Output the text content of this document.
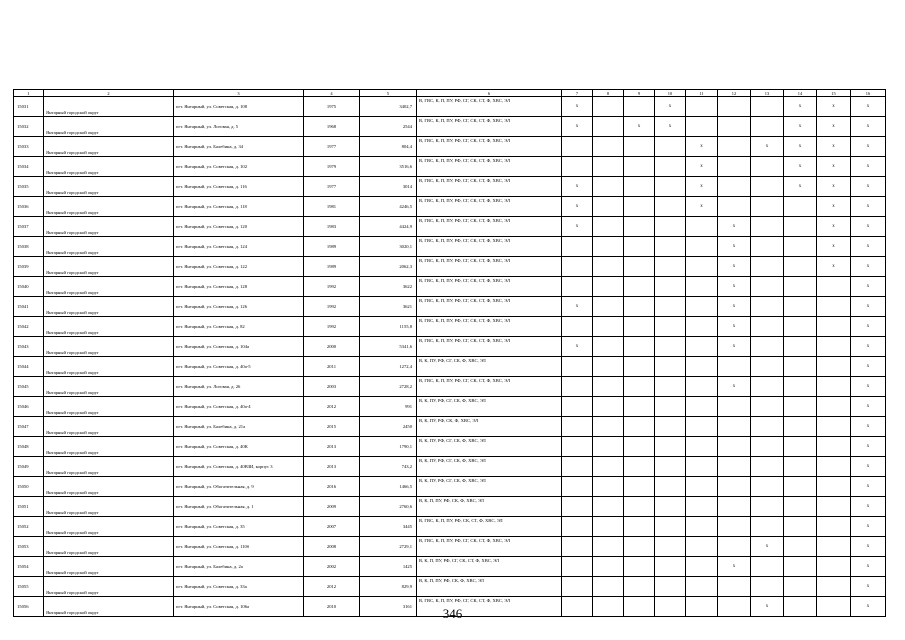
1	2	3	4	5	6	7	8	9	10	11	12	13	14	15	16
15031	Янтарный городской округ	пгт. Янтарный, ул. Советская, д. 108	1975	3402,7	В, ГВС, К, П, ПУ, РФ, СГ, СК, СТ, Ф, ХВС, ЭЛ	х			х				х	х	х
15032	Янтарный городской округ	пгт. Янтарный, ул. Логовая, д. 5	1968	2544	В, ГВС, К, П, ПУ, РФ, СГ, СК, СТ, Ф, ХВС, ЭЛ	х		х	х				х	х	х
15033	Янтарный городской округ	пгт. Янтарный, ул. Балебина, д. 34	1977	804,4	В, ГВС, К, П, ПУ, РФ, СГ, СК, СТ, Ф, ХВС, ЭЛ					х		х	х	х	х
15034	Янтарный городской округ	пгт. Янтарный, ул. Советская, д. 102	1979	3516,6	В, ГВС, К, П, ПУ, РФ, СГ, СК, СТ, Ф, ХВС, ЭЛ					х			х	х	х
15035	Янтарный городской округ	пгт. Янтарный, ул. Советская, д. 116	1977	3014	В, ГВС, К, П, ПУ, РФ, СГ, СК, СТ, Ф, ХВС, ЭЛ	х				х			х	х	х
15036	Янтарный городской округ	пгт. Янтарный, ул. Советская, д. 118	1981	4246,5	В, ГВС, К, П, ПУ, РФ, СГ, СК, СТ, Ф, ХВС, ЭЛ	х				х				х	х
15037	Янтарный городской округ	пгт. Янтарный, ул. Советская, д. 120	1983	4424,9	В, ГВС, К, П, ПУ, РФ, СГ, СК, СТ, Ф, ХВС, ЭЛ	х					х			х	х
15038	Янтарный городской округ	пгт. Янтарный, ул. Советская, д. 124	1989	3020,1	В, ГВС, К, П, ПУ, РФ, СГ, СК, СТ, Ф, ХВС, ЭЛ						х			х	х
15039	Янтарный городской округ	пгт. Янтарный, ул. Советская, д. 122	1989	2062,3	В, ГВС, К, П, ПУ, РФ, СГ, СК, СТ, Ф, ХВС, ЭЛ						х			х	х
15040	Янтарный городской округ	пгт. Янтарный, ул. Советская, д. 128	1992	3622	В, ГВС, К, П, ПУ, РФ, СГ, СК, СТ, Ф, ХВС, ЭЛ						х				х
15041	Янтарный городской округ	пгт. Янтарный, ул. Советская, д. 126	1992	3621	В, ГВС, К, П, ПУ, РФ, СГ, СК, СТ, Ф, ХВС, ЭЛ	х					х				х
15042	Янтарный городской округ	пгт. Янтарный, ул. Советская, д. 82	1992	1155,8	В, ГВС, К, П, ПУ, РФ, СГ, СК, СТ, Ф, ХВС, ЭЛ						х				х
15043	Янтарный городской округ	пгт. Янтарный, ул. Советская, д. 104а	2000	5341,6	В, ГВС, К, П, ПУ, РФ, СГ, СК, СТ, Ф, ХВС, ЭЛ	х					х				х
15044	Янтарный городской округ	пгт. Янтарный, ул. Советская, д. 40а-5	2011	1272,4	В, К, ПУ, РФ, СГ, СК, Ф, ХВС, ЭЛ										х
15045	Янтарный городской округ	пгт. Янтарный, ул. Логовая, д. 26	2003	2728,2	В, ГВС, К, П, ПУ, РФ, СГ, СК, СТ, Ф, ХВС, ЭЛ						х				х
15046	Янтарный городской округ	пгт. Янтарный, ул. Советская, д. 40а-4	2012	991	В, К, ПУ, РФ, СГ, СК, Ф, ХВС, ЭЛ										х
15047	Янтарный городской округ	пгт. Янтарный, ул. Балебина, д. 21а	2015	2450	В, К, ПУ, РФ, СК, Ф, ХВС, ЭЛ										х
15048	Янтарный городской округ	пгт. Янтарный, ул. Советская, д. 40К	2013	1790,1	В, К, ПУ, РФ, СГ, СК, Ф, ХВС, ЭЛ										х
15049	Янтарный городской округ	пгт. Янтарный, ул. Советская, д. 40ВЗИ, корпус 3	2013	743,2	В, К, ПУ, РФ, СГ, СК, Ф, ХВС, ЭЛ										х
15050	Янтарный городской округ	пгт. Янтарный, ул. Обогатительная, д. 9	2016	1466,5	В, К, ПУ, РФ, СГ, СК, Ф, ХВС, ЭЛ										х
15051	Янтарный городской округ	пгт. Янтарный, ул. Обогатительная, д. 1	2009	2760,6	В, К, П, ПУ, РФ, СК, Ф, ХВС, ЭЛ										х
15052	Янтарный городской округ	пгт. Янтарный, ул. Советская, д. 35	2007	3445	В, ГВС, К, П, ПУ, РФ, СК, СТ, Ф, ХВС, ЭЛ										х
15053	Янтарный городской округ	пгт. Янтарный, ул. Советская, д. 110б	2008	2729,1	В, ГВС, К, П, ПУ, РФ, СГ, СК, СТ, Ф, ХВС, ЭЛ							х			х
15054	Янтарный городской округ	пгт. Янтарный, ул. Балебина, д. 2а	2002	1425	В, К, П, ПУ, РФ, СГ, СК, СТ, Ф, ХВС, ЭЛ						х				х
15055	Янтарный городской округ	пгт. Янтарный, ул. Советская, д. 33а	2012	829,9	В, К, П, ПУ, РФ, СК, Ф, ХВС, ЭЛ										х
15056	Янтарный городской округ	пгт. Янтарный, ул. Советская, д. 106а	2010	3161	В, ГВС, К, П, ПУ, РФ, СГ, СК, СТ, Ф, ХВС, ЭЛ							х			х
346
